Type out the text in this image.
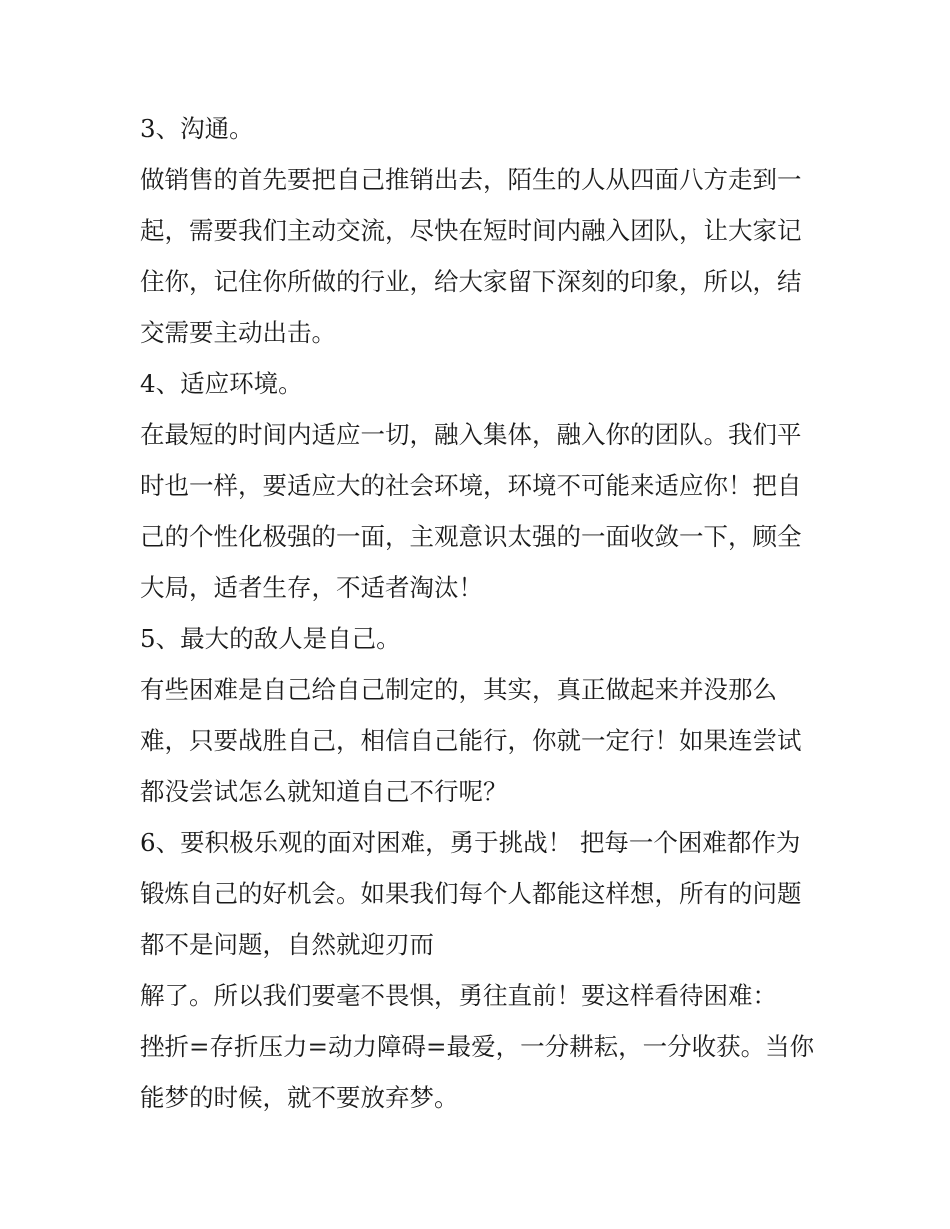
3、沟通。
做销售的首先要把自己推销出去，陌生的人从四面八方走到一
起，需要我们主动交流，尽快在短时间内融入团队，让大家记
住你，记住你所做的行业，给大家留下深刻的印象，所以，结
交需要主动出击。
4、适应环境。
在最短的时间内适应一切，融入集体，融入你的团队。我们平
时也一样，要适应大的社会环境，环境不可能来适应你！把自
己的个性化极强的一面，主观意识太强的一面收敛一下，顾全
大局，适者生存，不适者淘汰！
5、最大的敌人是自己。
有些困难是自己给自己制定的，其实，真正做起来并没那么
难，只要战胜自己，相信自己能行，你就一定行！如果连尝试
都没尝试怎么就知道自己不行呢？
6、要积极乐观的面对困难，勇于挑战！ 把每一个困难都作为
锻炼自己的好机会。如果我们每个人都能这样想，所有的问题
都不是问题，自然就迎刃而
解了。所以我们要毫不畏惧，勇往直前！要这样看待困难：
挫折=存折压力=动力障碍=最爱，一分耕耘，一分收获。当你
能梦的时候，就不要放弃梦。
